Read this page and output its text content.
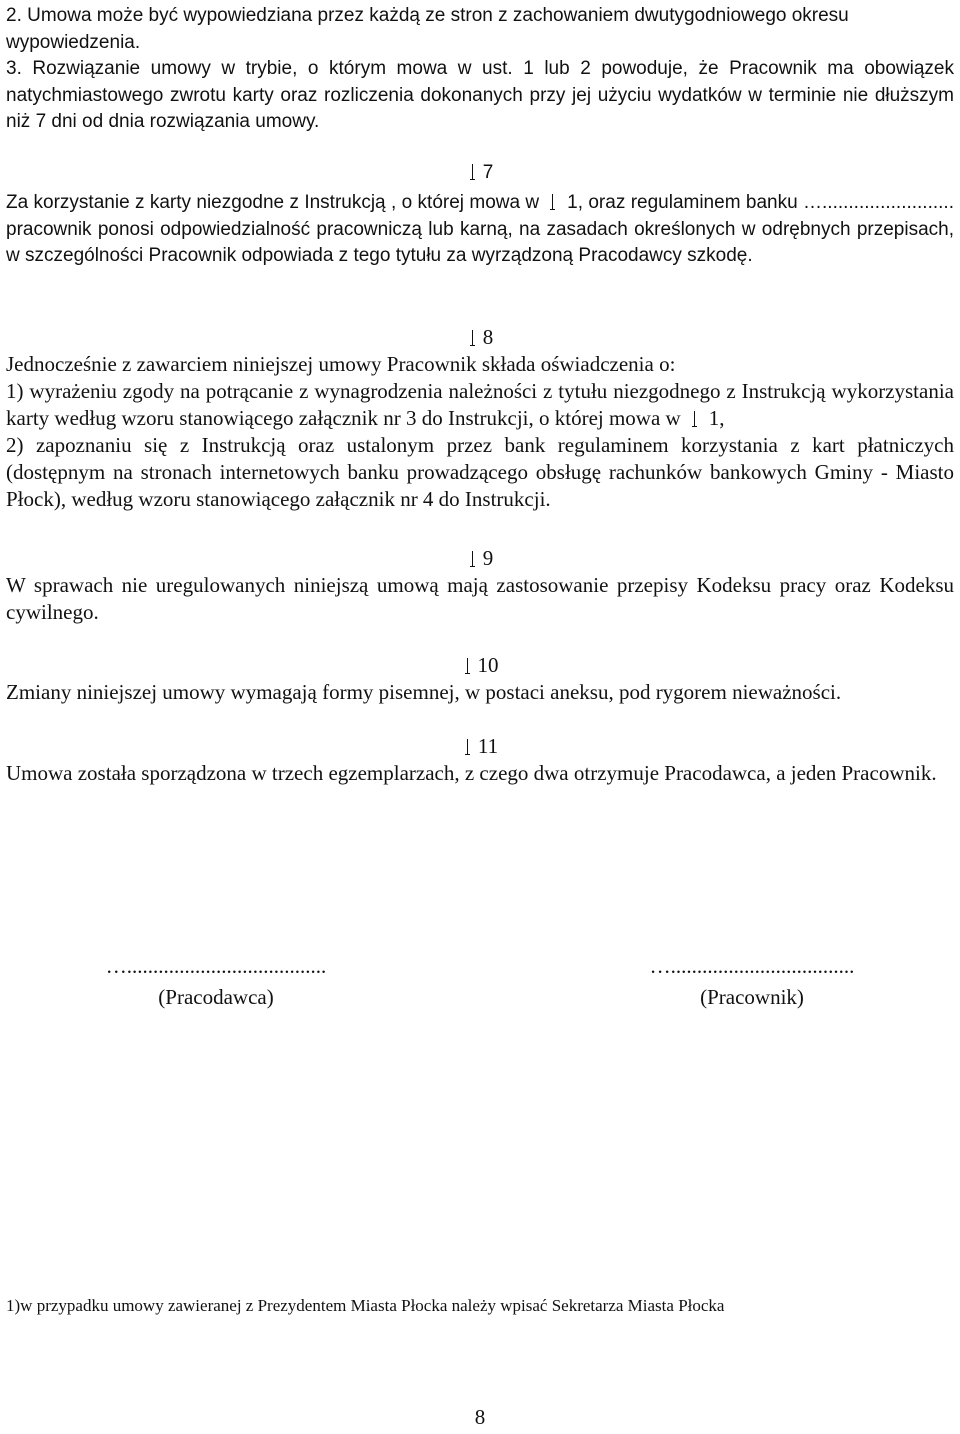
2. Umowa może być wypowiedziana przez każdą ze stron z zachowaniem dwutygodniowego okresu wypowiedzenia.

3. Rozwiązanie umowy w trybie, o którym mowa w ust. 1 lub 2 powoduje, że Pracownik ma obowiązek natychmiastowego zwrotu karty oraz rozliczenia dokonanych przy jej użyciu wydatków w terminie nie dłuższym niż 7 dni od dnia rozwiązania umowy.

7

Za korzystanie z karty niezgodne z Instrukcją , o której mowa w 1, oraz regulaminem banku …......................... pracownik ponosi odpowiedzialność pracowniczą lub karną, na zasadach określonych w odrębnych przepisach, w szczególności Pracownik odpowiada z tego tytułu za wyrządzoną Pracodawcy szkodę.

8

Jednocześnie z zawarciem niniejszej umowy Pracownik składa oświadczenia o:

1) wyrażeniu zgody na potrącanie z wynagrodzenia należności z tytułu niezgodnego z Instrukcją wykorzystania karty według wzoru stanowiącego załącznik nr 3 do Instrukcji, o której mowa w 1,

2) zapoznaniu się z Instrukcją oraz ustalonym przez bank regulaminem korzystania z kart płatniczych (dostępnym na stronach internetowych banku prowadzącego obsługę rachunków bankowych Gminy - Miasto Płock), według wzoru stanowiącego załącznik nr 4 do Instrukcji.

9

W sprawach nie uregulowanych niniejszą umową mają zastosowanie przepisy Kodeksu pracy oraz Kodeksu cywilnego.

10

Zmiany niniejszej umowy wymagają formy pisemnej, w postaci aneksu, pod rygorem nieważności.

11

Umowa została sporządzona w trzech egzemplarzach, z czego dwa otrzymuje Pracodawca, a jeden Pracownik.

…......................................
(Pracodawca)
…...................................
(Pracownik)
1)w przypadku umowy zawieranej z Prezydentem Miasta Płocka należy wpisać Sekretarza Miasta Płocka
8
